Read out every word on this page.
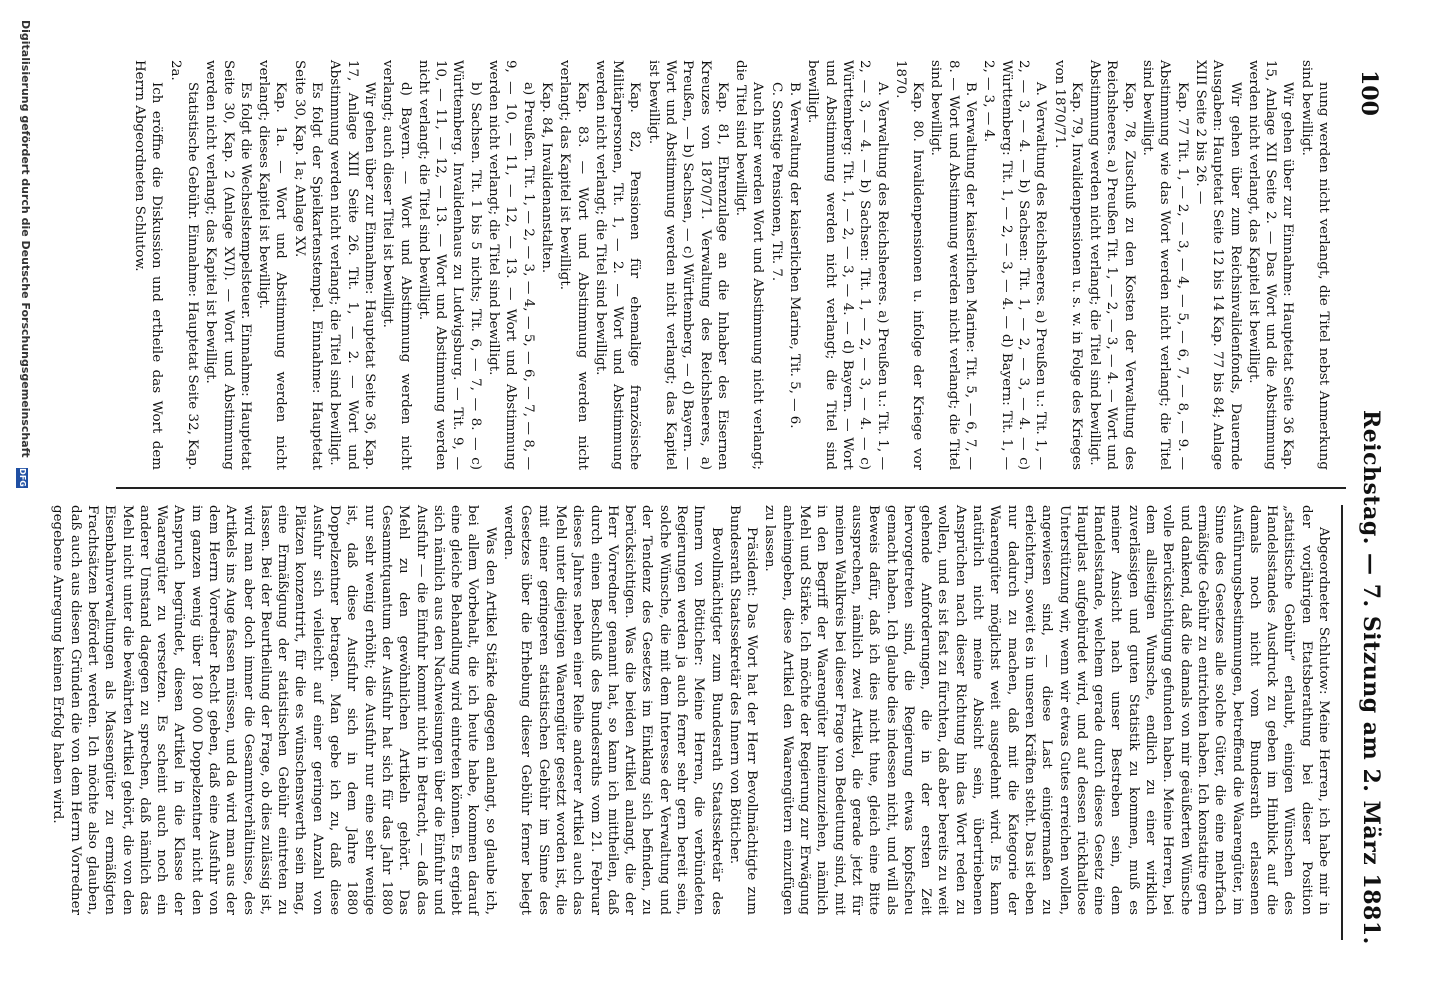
100
Reichstag. — 7. Sitzung am 2. März 1881.

nung werden nicht verlangt, die Titel nebst Anmerkung sind bewilligt.

Wir gehen über zur Einnahme: Hauptetat Seite 36 Kap. 15, Anlage XII Seite 2. — Das Wort und die Abstimmung werden nicht verlangt, das Kapitel ist bewilligt.

Wir gehen über zum Reichsinvalidenfonds, Dauernde Ausgaben: Hauptetat Seite 12 bis 14 Kap. 77 bis 84; Anlage XIII Seite 2 bis 26. —

Kap. 77 Tit. 1, — 2, — 3, — 4, — 5, — 6, 7, — 8, — 9. — Abstimmung wie das Wort werden nicht verlangt; die Titel sind bewilligt.

Kap. 78, Zuschuß zu den Kosten der Verwaltung des Reichsheeres. a) Preußen Tit. 1, — 2, — 3, — 4. — Wort und Abstimmung werden nicht verlangt; die Titel sind bewilligt.

Kap. 79, Invalidenpensionen u. s. w. in Folge des Krieges von 1870/71.

A. Verwaltung des Reichsheeres. a) Preußen u.: Tit. 1, — 2, — 3, — 4. — b) Sachsen: Tit. 1, — 2, — 3, — 4. — c) Württemberg: Tit. 1, — 2, — 3, — 4. — d) Bayern: Tit. 1, — 2, — 3, — 4.

B. Verwaltung der kaiserlichen Marine: Tit. 5, — 6, 7, — 8. — Wort und Abstimmung werden nicht verlangt; die Titel sind bewilligt.

Kap. 80. Invalidenpensionen u. infolge der Kriege vor 1870.

A. Verwaltung des Reichsheeres. a) Preußen u.: Tit. 1, — 2, — 3, — 4. — b) Sachsen: Tit. 1, — 2, — 3, — 4. — c) Württemberg: Tit. 1, — 2, — 3, — 4. — d) Bayern. — Wort und Abstimmung werden nicht verlangt; die Titel sind bewilligt.

B. Verwaltung der kaiserlichen Marine, Tit. 5, — 6.

C. Sonstige Pensionen, Tit. 7.

Auch hier werden Wort und Abstimmung nicht verlangt; die Titel sind bewilligt.

Kap. 81, Ehrenzulage an die Inhaber des Eisernen Kreuzes von 1870/71. Verwaltung des Reichsheeres, a) Preußen, — b) Sachsen, — c) Württemberg, — d) Bayern. — Wort und Abstimmung werden nicht verlangt; das Kapitel ist bewilligt.

Kap. 82, Pensionen für ehemalige französische Militärpersonen, Tit. 1, — 2. — Wort und Abstimmung werden nicht verlangt; die Titel sind bewilligt.

Kap. 83. — Wort und Abstimmung werden nicht verlangt; das Kapitel ist bewilligt.

Kap. 84, Invalidenanstalten.

a) Preußen. Tit. 1, — 2, — 3, — 4, — 5, — 6, — 7, — 8, — 9, — 10, — 11, — 12, — 13. — Wort und Abstimmung werden nicht verlangt; die Titel sind bewilligt.

b) Sachsen. Tit. 1 bis 5 nichts; Tit. 6, — 7, — 8. — c) Württemberg. Invalidenhaus zu Ludwigsburg. — Tit. 9, — 10, — 11, — 12, — 13. — Wort und Abstimmung werden nicht verlangt; die Titel sind bewilligt.

d) Bayern. — Wort und Abstimmung werden nicht verlangt; auch dieser Titel ist bewilligt.

Wir gehen über zur Einnahme: Hauptetat Seite 36, Kap. 17, Anlage XIII Seite 26. Tit. 1, — 2. — Wort und Abstimmung werden nicht verlangt; die Titel sind bewilligt.

Es folgt der Spielkartenstempel. Einnahme: Hauptetat Seite 30, Kap. 1a; Anlage XV.

Kap. 1a. — Wort und Abstimmung werden nicht verlangt; dieses Kapitel ist bewilligt.

Es folgt die Wechselstempelsteuer. Einnahme: Hauptetat Seite 30, Kap. 2 (Anlage XVI). — Wort und Abstimmung werden nicht verlangt; das Kapitel ist bewilligt.

Statistische Gebühr. Einnahme: Hauptetat Seite 32, Kap. 2a.

Ich eröffne die Diskussion und ertheile das Wort dem Herrn Abgeordneten Schlutow.

Abgeordneter Schlutow: Meine Herren, ich habe mir in der vorjährigen Etatsberathung bei dieser Position „statistische Gebühr“ erlaubt, einigen Wünschen des Handelsstandes Ausdruck zu geben im Hinblick auf die damals noch nicht vom Bundesrath erlassenen Ausführungsbestimmungen, betreffend die Waarengüter, im Sinne des Gesetzes alle solche Güter, die eine mehrfach ermäßigte Gebühr zu entrichten haben. Ich konstatire gern und dankend, daß die damals von mir geäußerten Wünsche volle Berücksichtigung gefunden haben. Meine Herren, bei dem allseitigen Wunsche, endlich zu einer wirklich zuverlässigen und guten Statistik zu kommen, muß es meiner Ansicht nach unser Bestreben sein, dem Handelsstande, welchem gerade durch dieses Gesetz eine Hauptlast aufgebürdet wird, und auf dessen rückhaltlose Unterstützung wir, wenn wir etwas Gutes erreichen wollen, angewiesen sind, — diese Last einigermaßen zu erleichtern, soweit es in unseren Kräften steht. Das ist eben nur dadurch zu machen, daß mit die Kategorie der Waarengüter möglichst weit ausgedehnt wird. Es kann natürlich nicht meine Absicht sein, übertriebenen Ansprüchen nach dieser Richtung hin das Wort reden zu wollen, und es ist fast zu fürchten, daß aber bereits zu weit gehende Anforderungen, die in der ersten Zeit hervorgetreten sind, die Regierung etwas kopfscheu gemacht haben. Ich glaube dies indessen nicht, und will als Beweis dafür, daß ich dies nicht thue, gleich eine Bitte aussprechen, nämlich zwei Artikel, die gerade jetzt für meinen Wahlkreis bei dieser Frage von Bedeutung sind, mit in den Begriff der Waarengüter hineinzuziehen, nämlich Mehl und Stärke. Ich möchte der Regierung zur Erwägung anheimgeben, diese Artikel den Waarengütern einzufügen zu lassen.

Präsident: Das Wort hat der Herr Bevollmächtigte zum Bundesrath Staatssekretär des Innern von Bötticher.

Bevollmächtigter zum Bundesrath Staatssekretär des Innern von Bötticher: Meine Herren, die verbündeten Regierungen werden ja auch ferner sehr gern bereit sein, solche Wünsche, die mit dem Interesse der Verwaltung und der Tendenz des Gesetzes im Einklang sich befinden, zu berücksichtigen. Was die beiden Artikel anlangt, die der Herr Vorredner genannt hat, so kann ich mittheilen, daß durch einen Beschluß des Bundesraths vom 21. Februar dieses Jahres neben einer Reihe anderer Artikel auch das Mehl unter diejenigen Waarengüter gesetzt worden ist, die mit einer geringeren statistischen Gebühr im Sinne des Gesetzes über die Erhebung dieser Gebühr ferner belegt werden.

Was den Artikel Stärke dagegen anlangt, so glaube ich, bei allem Vorbehalt, die ich heute habe, kommen darauf eine gleiche Behandlung wird eintreten können. Es ergiebt sich nämlich aus den Nachweisungen über die Einfuhr und Ausfuhr — die Einfuhr kommt nicht in Betracht, — daß das Mehl zu den gewöhnlichen Artikeln gehört. Das Gesammtquantum der Ausfuhr hat sich für das Jahr 1880 nur sehr wenig erhöht; die Ausfuhr nur eine sehr wenige ist, daß diese Ausfuhr sich in dem Jahre 1880 Doppelzentner betragen. Man gebe ich zu, daß diese Ausfuhr sich vielleicht auf einer geringen Anzahl von Plätzen konzentrirt, für die es wünschenswerth sein mag, eine Ermäßigung der statistischen Gebühr eintreten zu lassen. Bei der Beurtheilung der Frage, ob dies zulässig ist, wird man aber doch immer die Gesammtverhältnisse, des Artikels ins Auge fassen müssen, und da wird man aus der dem Herrn Vorredner Recht geben, daß eine Ausfuhr von im ganzen wenig über 180 000 Doppelzentner nicht den Anspruch begründet, diesen Artikel in die Klasse der Waarengüter zu versetzen. Es scheint auch noch ein anderer Umstand dagegen zu sprechen, daß nämlich das Mehl nicht unter die bewährten Artikel gehört, die von den Eisenbahnverwaltungen als Massengüter zu ermäßigten Frachtsätzen befördert werden. Ich möchte also glauben, daß auch aus diesen Gründen die von dem Herrn Vorredner gegebene Anregung keinen Erfolg haben wird.

Digitalisierung gefördert durch die Deutsche Forschungsgemeinschaft DFG
